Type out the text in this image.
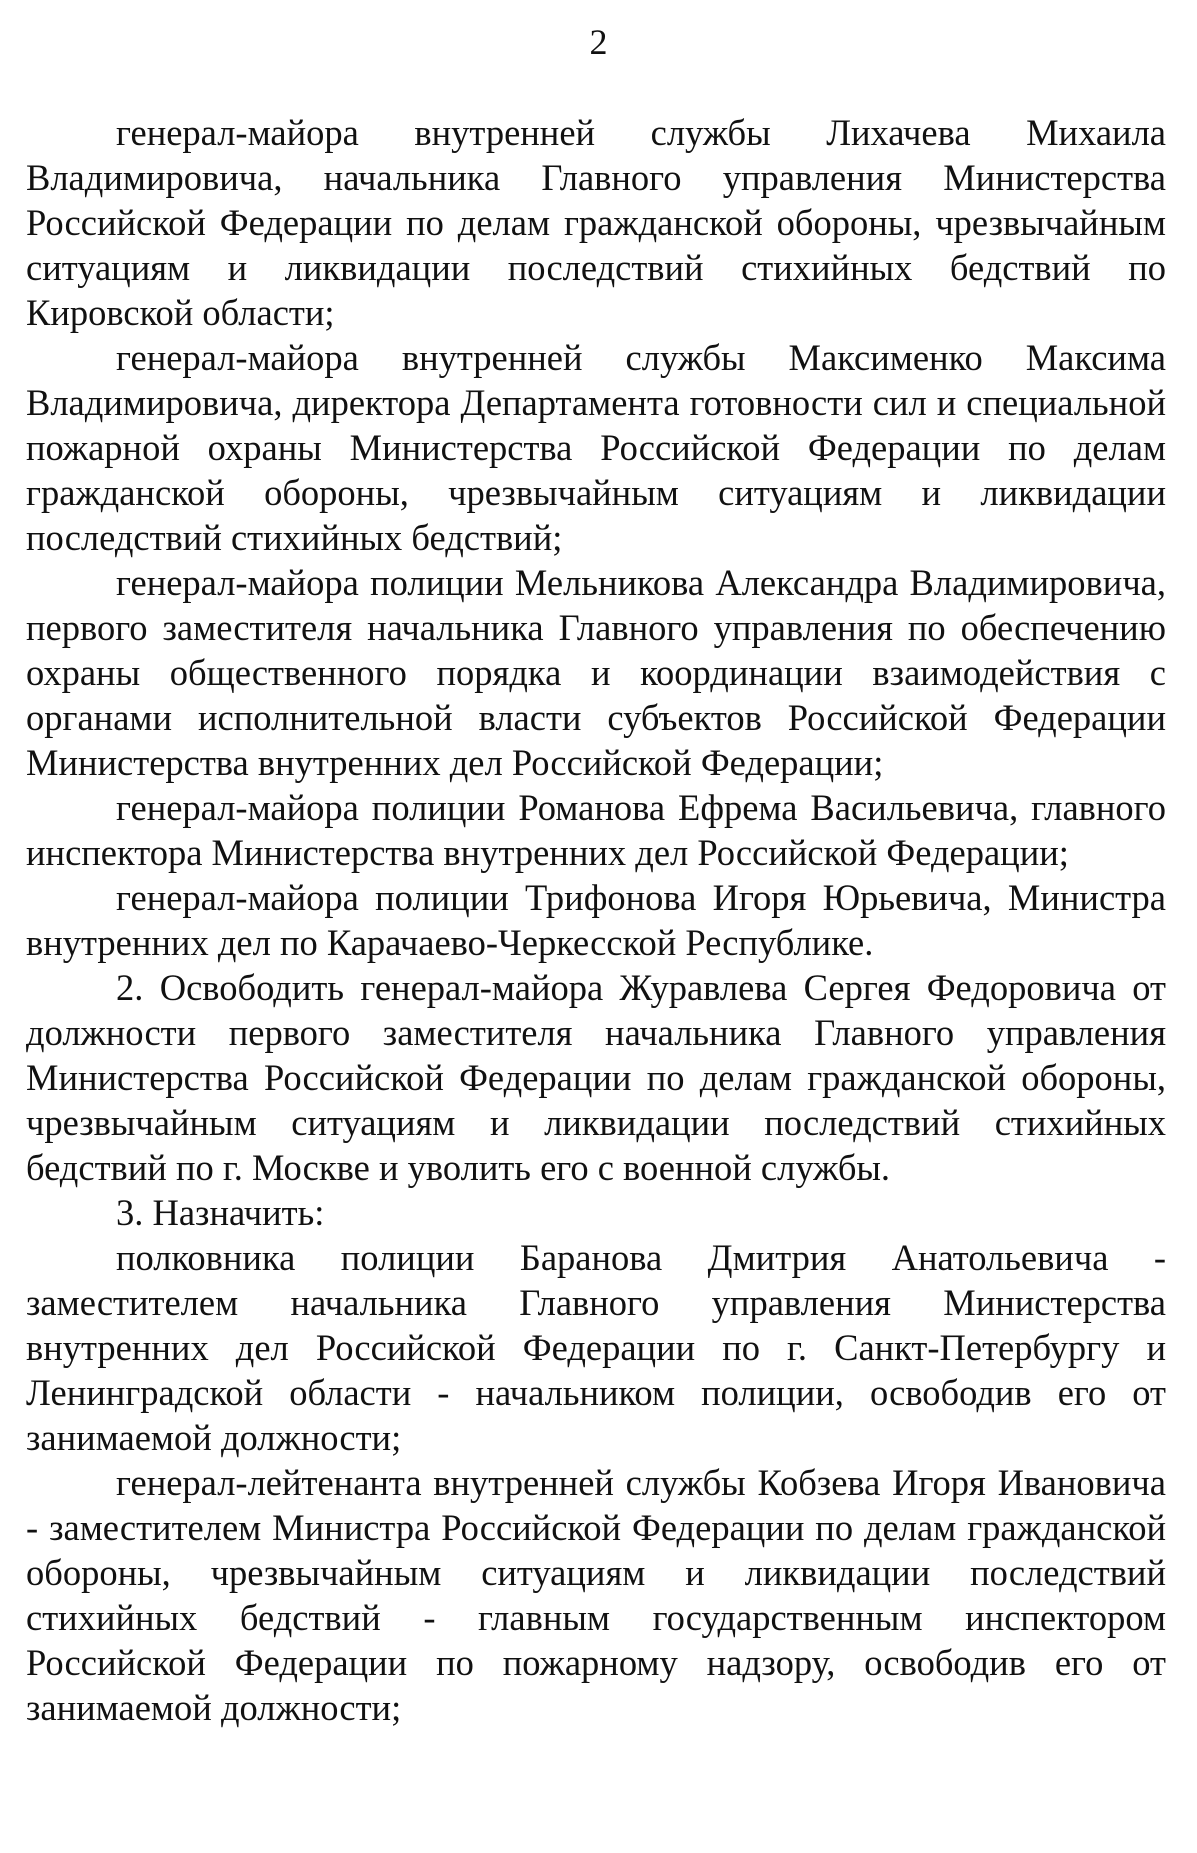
2

генерал-майора внутренней службы Лихачева Михаила Владимировича, начальника Главного управления Министерства Российской Федерации по делам гражданской обороны, чрезвычайным ситуациям и ликвидации последствий стихийных бедствий по Кировской области;

генерал-майора внутренней службы Максименко Максима Владимировича, директора Департамента готовности сил и специальной пожарной охраны Министерства Российской Федерации по делам гражданской обороны, чрезвычайным ситуациям и ликвидации последствий стихийных бедствий;

генерал-майора полиции Мельникова Александра Владимировича, первого заместителя начальника Главного управления по обеспечению охраны общественного порядка и координации взаимодействия с органами исполнительной власти субъектов Российской Федерации Министерства внутренних дел Российской Федерации;

генерал-майора полиции Романова Ефрема Васильевича, главного инспектора Министерства внутренних дел Российской Федерации;

генерал-майора полиции Трифонова Игоря Юрьевича, Министра внутренних дел по Карачаево-Черкесской Республике.

2. Освободить генерал-майора Журавлева Сергея Федоровича от должности первого заместителя начальника Главного управления Министерства Российской Федерации по делам гражданской обороны, чрезвычайным ситуациям и ликвидации последствий стихийных бедствий по г. Москве и уволить его с военной службы.

3. Назначить:

полковника полиции Баранова Дмитрия Анатольевича - заместителем начальника Главного управления Министерства внутренних дел Российской Федерации по г. Санкт-Петербургу и Ленинградской области - начальником полиции, освободив его от занимаемой должности;

генерал-лейтенанта внутренней службы Кобзева Игоря Ивановича - заместителем Министра Российской Федерации по делам гражданской обороны, чрезвычайным ситуациям и ликвидации последствий стихийных бедствий - главным государственным инспектором Российской Федерации по пожарному надзору, освободив его от занимаемой должности;
